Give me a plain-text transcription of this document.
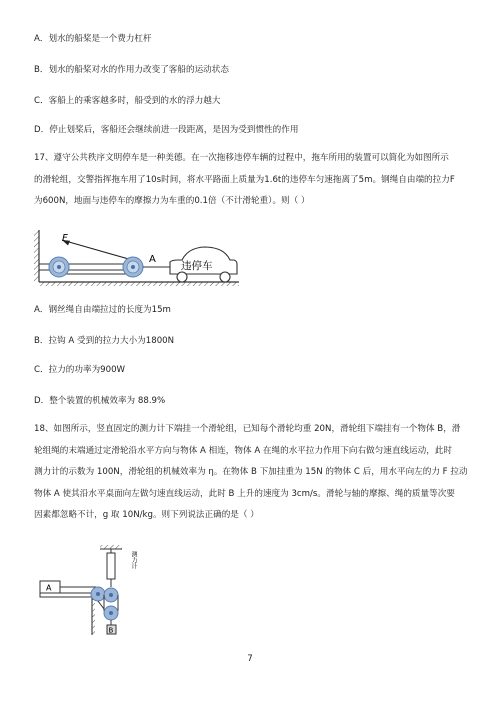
A．划水的船桨是一个费力杠杆
B．划水的船桨对水的作用力改变了客船的运动状态
C．客船上的乘客越多时，船受到的水的浮力越大
D．停止划桨后，客船还会继续前进一段距离，是因为受到惯性的作用
17、遵守公共秩序文明停车是一种美德。在一次拖移违停车辆的过程中，拖车所用的装置可以简化为如图所示
的滑轮组，交警指挥拖车用了10s时间，将水平路面上质量为1.6t的违停车匀速拖离了5m。钢绳自由端的拉力F
为600N，地面与违停车的摩擦力为车重的0.1倍（不计滑轮重）。则（ ）
F
A
违停车
A．钢丝绳自由端拉过的长度为15m
B．拉钩 A 受到的拉力大小为1800N
C．拉力的功率为900W
D．整个装置的机械效率为 88.9%
18、如图所示，竖直固定的测力计下端挂一个滑轮组，已知每个滑轮均重 20N，滑轮组下端挂有一个物体 B，滑
轮组绳的末端通过定滑轮沿水平方向与物体 A 相连，物体 A 在绳的水平拉力作用下向右做匀速直线运动，此时
测力计的示数为 100N，滑轮组的机械效率为 η。在物体 B 下加挂重为 15N 的物体 C 后，用水平向左的力 F 拉动
物体 A 使其沿水平桌面向左做匀速直线运动，此时 B 上升的速度为 3cm/s。滑轮与轴的摩擦、绳的质量等次要
因素都忽略不计，g 取 10N/kg。则下列说法正确的是（ ）
测力计
A
B
7
